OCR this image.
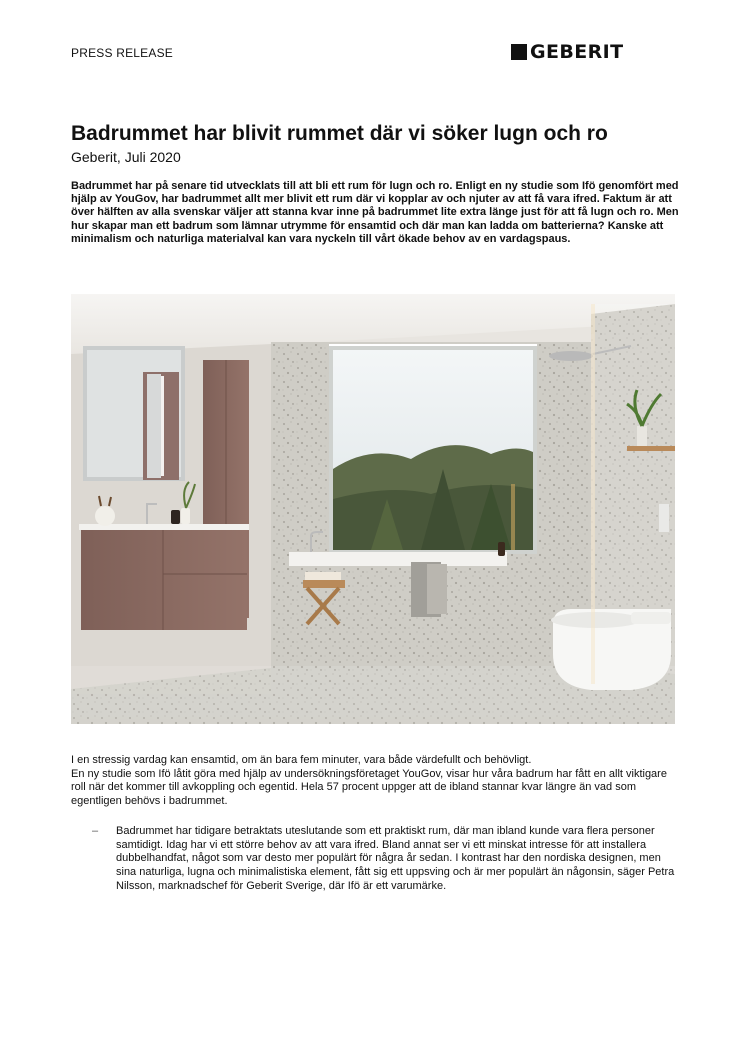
PRESS RELEASE	GEBERIT
Badrummet har blivit rummet där vi söker lugn och ro
Geberit, Juli 2020

Badrummet har på senare tid utvecklats till att bli ett rum för lugn och ro. Enligt en ny studie som Ifö genomfört med hjälp av YouGov, har badrummet allt mer blivit ett rum där vi kopplar av och njuter av att få vara ifred. Faktum är att över hälften av alla svenskar väljer att stanna kvar inne på badrummet lite extra länge just för att få lugn och ro. Men hur skapar man ett badrum som lämnar utrymme för ensamtid och där man kan ladda om batterierna? Kanske att minimalism och naturliga materialval kan vara nyckeln till vårt ökade behov av en vardagspaus.

I en stressig vardag kan ensamtid, om än bara fem minuter, vara både värdefullt och behövligt.
En ny studie som Ifö låtit göra med hjälp av undersökningsföretaget YouGov, visar hur våra badrum har fått en allt viktigare roll när det kommer till avkoppling och egentid. Hela 57 procent uppger att de ibland stannar kvar längre än vad som egentligen behövs i badrummet.
– Badrummet har tidigare betraktats uteslutande som ett praktiskt rum, där man ibland kunde vara flera personer samtidigt. Idag har vi ett större behov av att vara ifred. Bland annat ser vi ett minskat intresse för att installera dubbelhandfat, något som var desto mer populärt för några år sedan. I kontrast har den nordiska designen, men sina naturliga, lugna och minimalistiska element, fått sig ett uppsving och är mer populärt än någonsin, säger Petra Nilsson, marknadschef för Geberit Sverige, där Ifö är ett varumärke.
